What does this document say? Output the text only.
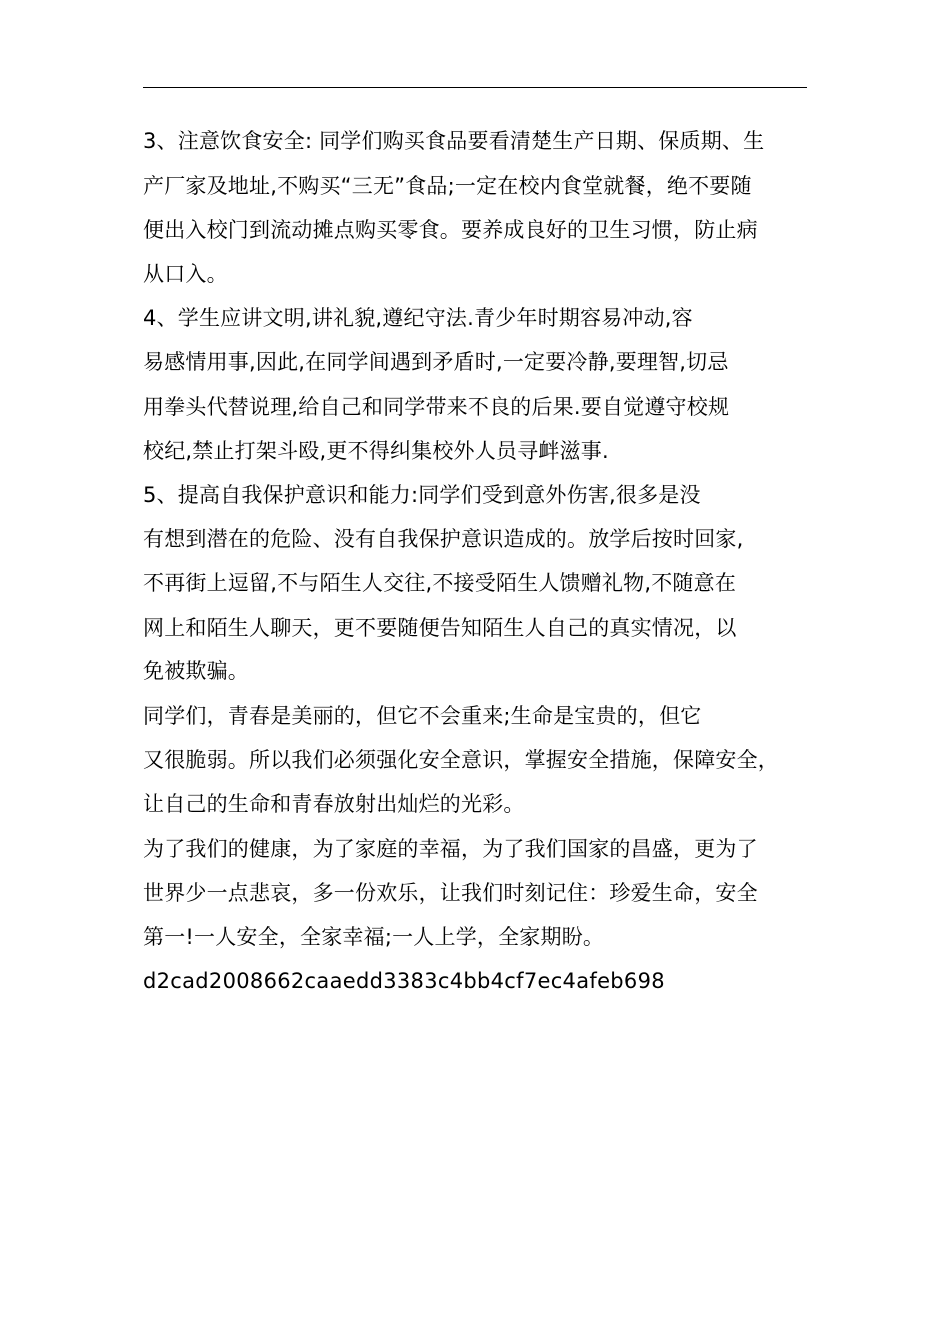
3、注意饮食安全: 同学们购买食品要看清楚生产日期、保质期、生
产厂家及地址,不购买“三无”食品;一定在校内食堂就餐，绝不要随
便出入校门到流动摊点购买零食。要养成良好的卫生习惯，防止病
从口入。
4、学生应讲文明,讲礼貌,遵纪守法.青少年时期容易冲动,容
易感情用事,因此,在同学间遇到矛盾时,一定要冷静,要理智,切忌
用拳头代替说理,给自己和同学带来不良的后果.要自觉遵守校规
校纪,禁止打架斗殴,更不得纠集校外人员寻衅滋事.
5、提高自我保护意识和能力:同学们受到意外伤害,很多是没
有想到潜在的危险、没有自我保护意识造成的。放学后按时回家,
不再街上逗留,不与陌生人交往,不接受陌生人馈赠礼物,不随意在
网上和陌生人聊天，更不要随便告知陌生人自己的真实情况，以
免被欺骗。
同学们，青春是美丽的，但它不会重来;生命是宝贵的，但它
又很脆弱。所以我们必须强化安全意识，掌握安全措施，保障安全，
让自己的生命和青春放射出灿烂的光彩。
为了我们的健康，为了家庭的幸福，为了我们国家的昌盛，更为了
世界少一点悲哀，多一份欢乐，让我们时刻记住：珍爱生命，安全
第一!一人安全，全家幸福;一人上学，全家期盼。
d2cad2008662caaedd3383c4bb4cf7ec4afeb698
